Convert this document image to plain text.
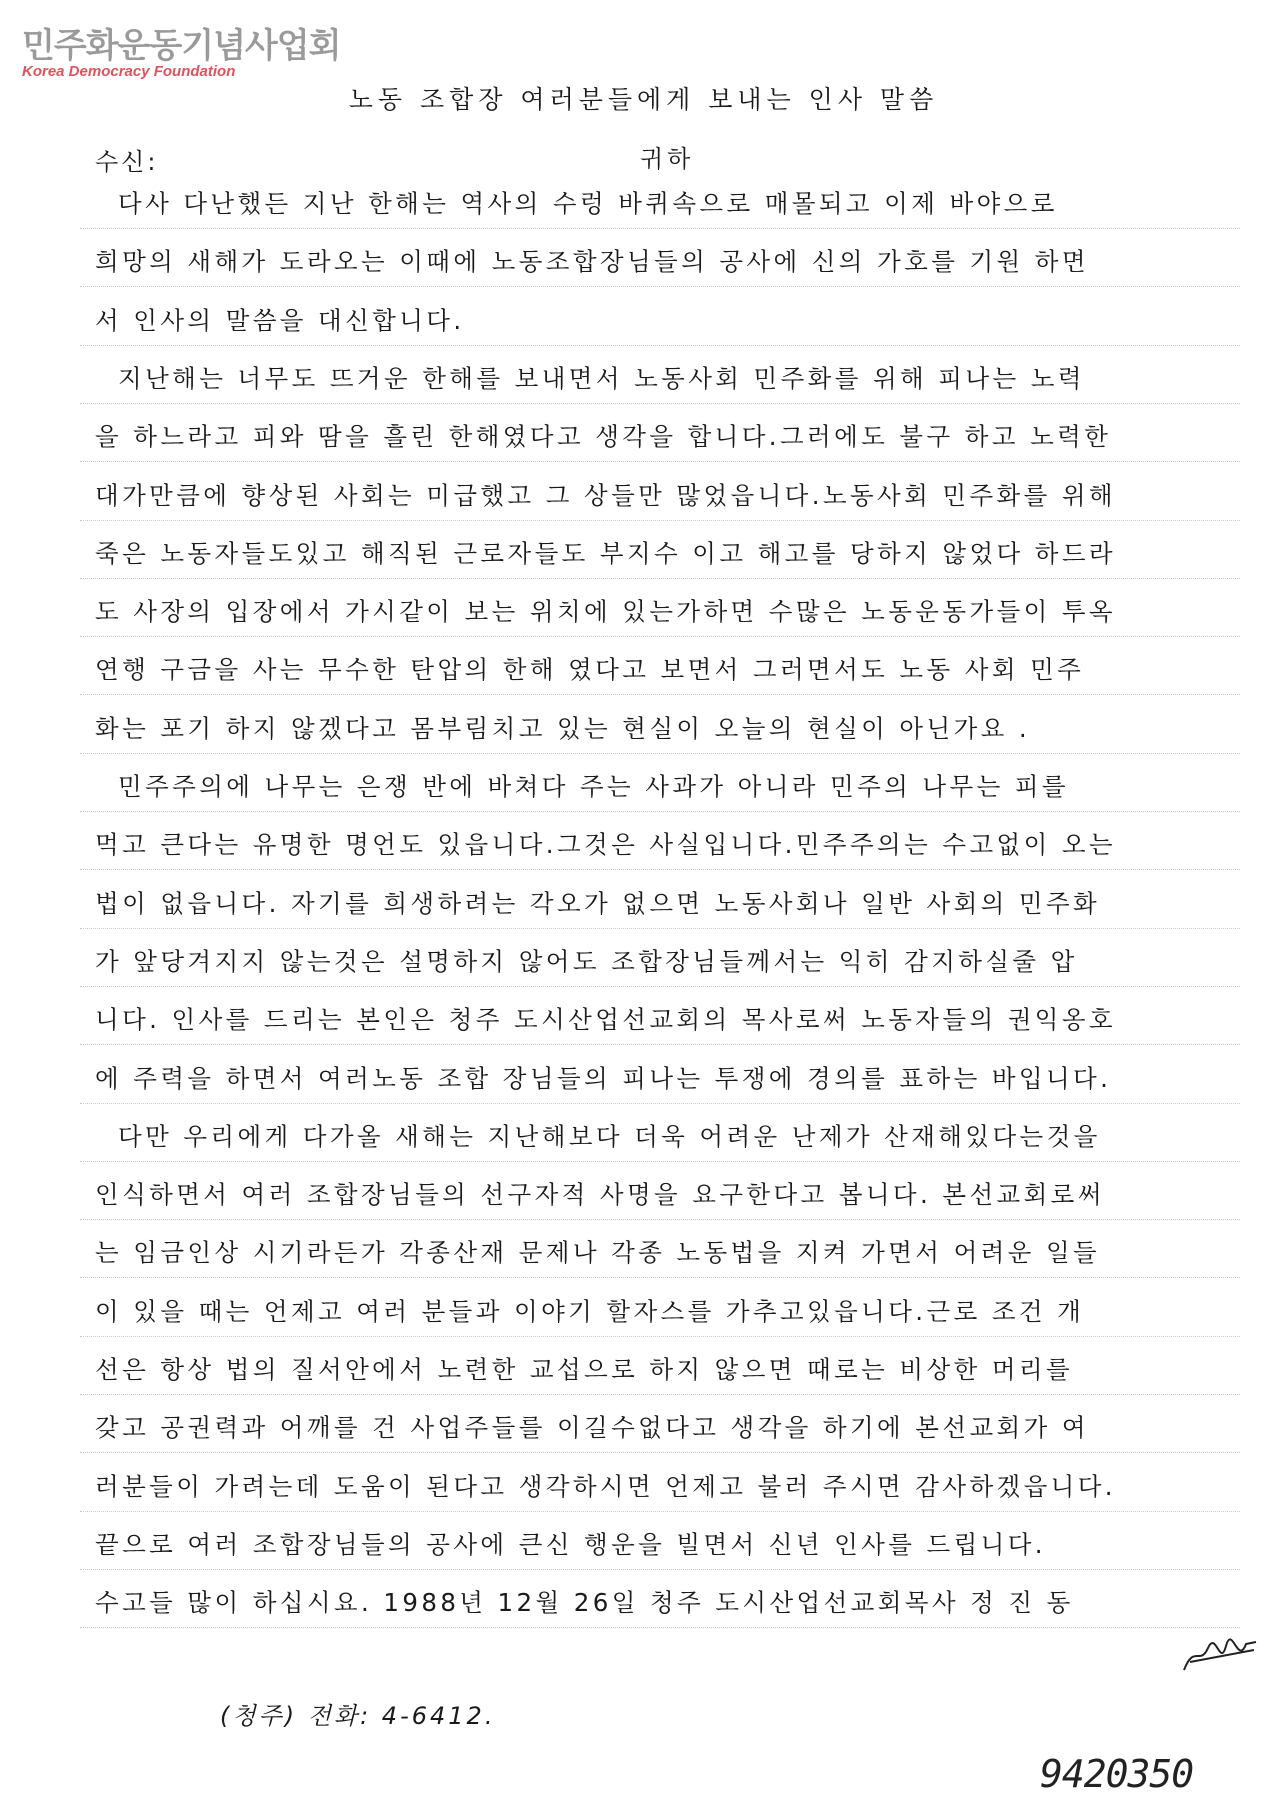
민주화운동기념사업회
Korea Democracy Foundation
노동 조합장 여러분들에게 보내는 인사 말씀
수신:	귀하
다사 다난했든 지난 한해는 역사의 수렁 바퀴속으로 매몰되고 이제 바야으로
희망의 새해가 도라오는 이때에 노동조합장님들의 공사에 신의 가호를 기원 하면
서 인사의 말씀을 대신합니다.
지난해는 너무도 뜨거운 한해를 보내면서 노동사회 민주화를 위해 피나는 노력
을 하느라고 피와 땀을 흘린 한해였다고 생각을 합니다.그러에도 불구 하고 노력한
대가만큼에 향상된 사회는 미급했고 그 상들만 많었읍니다.노동사회 민주화를 위해
죽은 노동자들도있고 해직된 근로자들도 부지수 이고 해고를 당하지 않었다 하드라
도 사장의 입장에서 가시같이 보는 위치에 있는가하면 수많은 노동운동가들이 투옥
연행 구금을 사는 무수한 탄압의 한해 였다고 보면서 그러면서도 노동 사회 민주
화는 포기 하지 않겠다고 몸부림치고 있는 현실이 오늘의 현실이 아닌가요 .
민주주의에 나무는 은쟁 반에 바쳐다 주는 사과가 아니라 민주의 나무는 피를
먹고 큰다는 유명한 명언도 있읍니다.그것은 사실입니다.민주주의는 수고없이 오는
법이 없읍니다. 자기를 희생하려는 각오가 없으면 노동사회나 일반 사회의 민주화
가 앞당겨지지 않는것은 설명하지 않어도 조합장님들께서는 익히 감지하실줄 압
니다. 인사를 드리는 본인은 청주 도시산업선교회의 목사로써 노동자들의 권익옹호
에 주력을 하면서 여러노동 조합 장님들의 피나는 투쟁에 경의를 표하는 바입니다.
다만 우리에게 다가올 새해는 지난해보다 더욱 어려운 난제가 산재해있다는것을
인식하면서 여러 조합장님들의 선구자적 사명을 요구한다고 봅니다. 본선교회로써
는 임금인상 시기라든가 각종산재 문제나 각종 노동법을 지켜 가면서 어려운 일들
이 있을 때는 언제고 여러 분들과 이야기 할자스를 가추고있읍니다.근로 조건 개
선은 항상 법의 질서안에서 노련한 교섭으로 하지 않으면 때로는 비상한 머리를
갖고 공권력과 어깨를 건 사업주들를 이길수없다고 생각을 하기에 본선교회가 여
러분들이 가려는데 도움이 된다고 생각하시면 언제고 불러 주시면 감사하겠읍니다.
끝으로 여러 조합장님들의 공사에 큰신 행운을 빌면서 신년 인사를 드립니다.
수고들 많이 하십시요. 1988년 12월 26일 청주 도시산업선교회목사 정 진 동
(청주) 전화: 4-6412.
9420350
